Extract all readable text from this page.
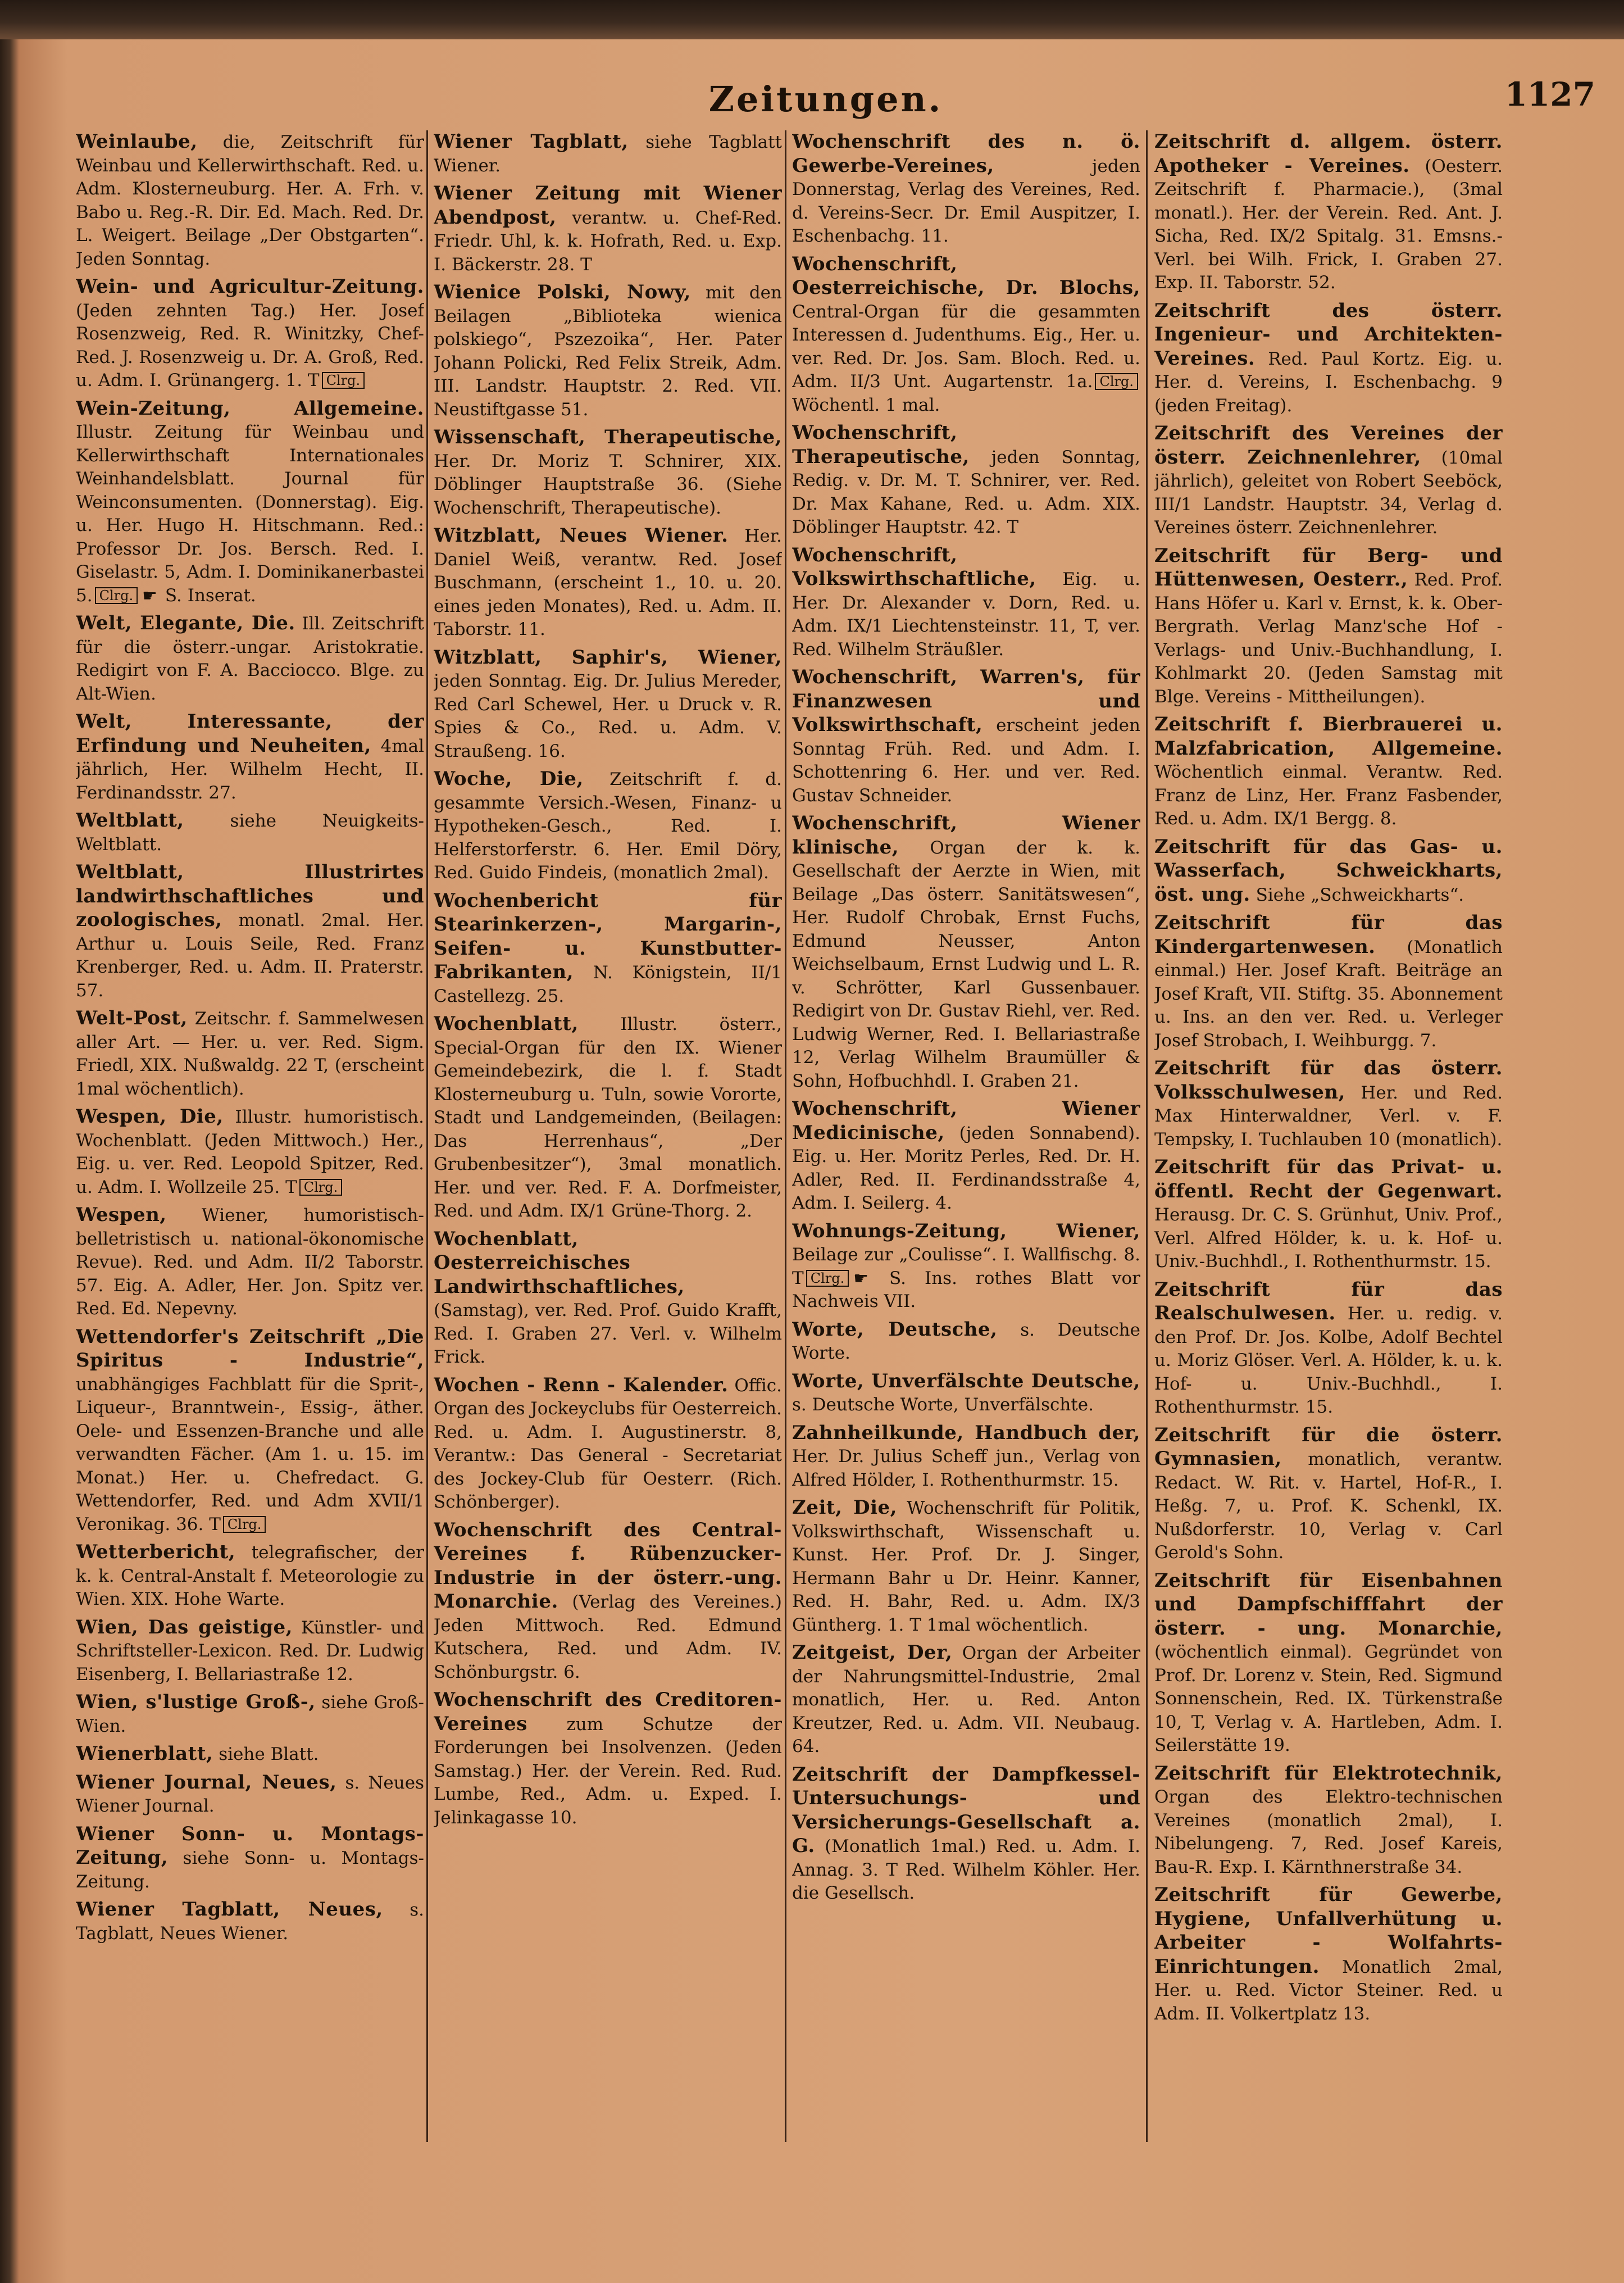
Zeitungen.	1127
Weinlaube, die, Zeitschrift für Weinbau und Kellerwirthschaft. Red. u. Adm. Klosterneuburg. Her. A. Frh. v. Babo u. Reg.-R. Dir. Ed. Mach. Red. Dr. L. Weigert. Beilage „Der Obstgarten“. Jeden Sonntag.
Wein- und Agricultur-Zeitung. (Jeden zehnten Tag.) Her. Josef Rosenzweig, Red. R. Winitzky, Chef-Red. J. Rosenzweig u. Dr. A. Groß, Red. u. Adm. I. Grünangerg. 1. T Clrg.
Wein-Zeitung, Allgemeine. Illustr. Zeitung für Weinbau und Kellerwirthschaft Internationales Weinhandelsblatt. Journal für Weinconsumenten. (Donnerstag). Eig. u. Her. Hugo H. Hitschmann. Red.: Professor Dr. Jos. Bersch. Red. I. Giselastr. 5, Adm. I. Dominikanerbastei 5. Clrg. ☛ S. Inserat.
Welt, Elegante, Die. Ill. Zeitschrift für die österr.-ungar. Aristokratie. Redigirt von F. A. Bacciocco. Blge. zu Alt-Wien.
Welt, Interessante, der Erfindung und Neuheiten, 4mal jährlich, Her. Wilhelm Hecht, II. Ferdinandsstr. 27.
Weltblatt, siehe Neuigkeits-Weltblatt.
Weltblatt, Illustrirtes landwirthschaftliches und zoologisches, monatl. 2mal. Her. Arthur u. Louis Seile, Red. Franz Krenberger, Red. u. Adm. II. Praterstr. 57.
Welt-Post, Zeitschr. f. Sammelwesen aller Art. — Her. u. ver. Red. Sigm. Friedl, XIX. Nußwaldg. 22 T, (erscheint 1mal wöchentlich).
Wespen, Die, Illustr. humoristisch. Wochenblatt. (Jeden Mittwoch.) Her., Eig. u. ver. Red. Leopold Spitzer, Red. u. Adm. I. Wollzeile 25. T Clrg.
Wespen, Wiener, humoristisch-belletristisch u. national-ökonomische Revue). Red. und Adm. II/2 Taborstr. 57. Eig. A. Adler, Her. Jon. Spitz ver. Red. Ed. Nepevny.
Wettendorfer's Zeitschrift „Die Spiritus - Industrie“, unabhängiges Fachblatt für die Sprit-, Liqueur-, Branntwein-, Essig-, äther. Oele- und Essenzen-Branche und alle verwandten Fächer. (Am 1. u. 15. im Monat.) Her. u. Chefredact. G. Wettendorfer, Red. und Adm XVII/1 Veronikag. 36. T Clrg.
Wetterbericht, telegrafischer, der k. k. Central-Anstalt f. Meteorologie zu Wien. XIX. Hohe Warte.
Wien, Das geistige, Künstler- und Schriftsteller-Lexicon. Red. Dr. Ludwig Eisenberg, I. Bellariastraße 12.
Wien, s'lustige Groß-, siehe Groß-Wien.
Wienerblatt, siehe Blatt.
Wiener Journal, Neues, s. Neues Wiener Journal.
Wiener Sonn- u. Montags-Zeitung, siehe Sonn- u. Montags-Zeitung.
Wiener Tagblatt, Neues, s. Tagblatt, Neues Wiener.
Wiener Tagblatt, siehe Tagblatt Wiener.
Wiener Zeitung mit Wiener Abendpost, verantw. u. Chef-Red. Friedr. Uhl, k. k. Hofrath, Red. u. Exp. I. Bäckerstr. 28. T
Wienice Polski, Nowy, mit den Beilagen „Biblioteka wienica polskiego“, Pszezoika“, Her. Pater Johann Policki, Red Felix Streik, Adm. III. Landstr. Hauptstr. 2. Red. VII. Neustiftgasse 51.
Wissenschaft, Therapeutische, Her. Dr. Moriz T. Schnirer, XIX. Döblinger Hauptstraße 36. (Siehe Wochenschrift, Therapeutische).
Witzblatt, Neues Wiener. Her. Daniel Weiß, verantw. Red. Josef Buschmann, (erscheint 1., 10. u. 20. eines jeden Monates), Red. u. Adm. II. Taborstr. 11.
Witzblatt, Saphir's, Wiener, jeden Sonntag. Eig. Dr. Julius Mereder, Red Carl Schewel, Her. u Druck v. R. Spies & Co., Red. u. Adm. V. Straußeng. 16.
Woche, Die, Zeitschrift f. d. gesammte Versich.-Wesen, Finanz- u Hypotheken-Gesch., Red. I. Helferstorferstr. 6. Her. Emil Döry, Red. Guido Findeis, (monatlich 2mal).
Wochenbericht für Stearinkerzen-, Margarin-, Seifen- u. Kunstbutter-Fabrikanten, N. Königstein, II/1 Castellezg. 25.
Wochenblatt, Illustr. österr., Special-Organ für den IX. Wiener Gemeindebezirk, die l. f. Stadt Klosterneuburg u. Tuln, sowie Vororte, Stadt und Landgemeinden, (Beilagen: Das Herrenhaus“, „Der Grubenbesitzer“), 3mal monatlich. Her. und ver. Red. F. A. Dorfmeister, Red. und Adm. IX/1 Grüne-Thorg. 2.
Wochenblatt, Oesterreichisches Landwirthschaftliches, (Samstag), ver. Red. Prof. Guido Krafft, Red. I. Graben 27. Verl. v. Wilhelm Frick.
Wochen - Renn - Kalender. Offic. Organ des Jockeyclubs für Oesterreich. Red. u. Adm. I. Augustinerstr. 8, Verantw.: Das General - Secretariat des Jockey-Club für Oesterr. (Rich. Schönberger).
Wochenschrift des Central-Vereines f. Rübenzucker-Industrie in der österr.-ung. Monarchie. (Verlag des Vereines.) Jeden Mittwoch. Red. Edmund Kutschera, Red. und Adm. IV. Schönburgstr. 6.
Wochenschrift des Creditoren-Vereines zum Schutze der Forderungen bei Insolvenzen. (Jeden Samstag.) Her. der Verein. Red. Rud. Lumbe, Red., Adm. u. Exped. I. Jelinkagasse 10.
Wochenschrift des n. ö. Gewerbe-Vereines, jeden Donnerstag, Verlag des Vereines, Red. d. Vereins-Secr. Dr. Emil Auspitzer, I. Eschenbachg. 11.
Wochenschrift, Oesterreichische, Dr. Blochs, Central-Organ für die gesammten Interessen d. Judenthums. Eig., Her. u. ver. Red. Dr. Jos. Sam. Bloch. Red. u. Adm. II/3 Unt. Augartenstr. 1a. Clrg. Wöchentl. 1 mal.
Wochenschrift, Therapeutische, jeden Sonntag, Redig. v. Dr. M. T. Schnirer, ver. Red. Dr. Max Kahane, Red. u. Adm. XIX. Döblinger Hauptstr. 42. T
Wochenschrift, Volkswirthschaftliche, Eig. u. Her. Dr. Alexander v. Dorn, Red. u. Adm. IX/1 Liechtensteinstr. 11, T, ver. Red. Wilhelm Sträußler.
Wochenschrift, Warren's, für Finanzwesen und Volkswirthschaft, erscheint jeden Sonntag Früh. Red. und Adm. I. Schottenring 6. Her. und ver. Red. Gustav Schneider.
Wochenschrift, Wiener klinische, Organ der k. k. Gesellschaft der Aerzte in Wien, mit Beilage „Das österr. Sanitätswesen“, Her. Rudolf Chrobak, Ernst Fuchs, Edmund Neusser, Anton Weichselbaum, Ernst Ludwig und L. R. v. Schrötter, Karl Gussenbauer. Redigirt von Dr. Gustav Riehl, ver. Red. Ludwig Werner, Red. I. Bellariastraße 12, Verlag Wilhelm Braumüller & Sohn, Hofbuchhdl. I. Graben 21.
Wochenschrift, Wiener Medicinische, (jeden Sonnabend). Eig. u. Her. Moritz Perles, Red. Dr. H. Adler, Red. II. Ferdinandsstraße 4, Adm. I. Seilerg. 4.
Wohnungs-Zeitung, Wiener, Beilage zur „Coulisse“. I. Wallfischg. 8. T Clrg. ☛ S. Ins. rothes Blatt vor Nachweis VII.
Worte, Deutsche, s. Deutsche Worte.
Worte, Unverfälschte Deutsche, s. Deutsche Worte, Unverfälschte.
Zahnheilkunde, Handbuch der, Her. Dr. Julius Scheff jun., Verlag von Alfred Hölder, I. Rothenthurmstr. 15.
Zeit, Die, Wochenschrift für Politik, Volkswirthschaft, Wissenschaft u. Kunst. Her. Prof. Dr. J. Singer, Hermann Bahr u Dr. Heinr. Kanner, Red. H. Bahr, Red. u. Adm. IX/3 Güntherg. 1. T 1mal wöchentlich.
Zeitgeist, Der, Organ der Arbeiter der Nahrungsmittel-Industrie, 2mal monatlich, Her. u. Red. Anton Kreutzer, Red. u. Adm. VII. Neubaug. 64.
Zeitschrift der Dampfkessel-Untersuchungs- und Versicherungs-Gesellschaft a. G. (Monatlich 1mal.) Red. u. Adm. I. Annag. 3. T Red. Wilhelm Köhler. Her. die Gesellsch.
Zeitschrift d. allgem. österr. Apotheker - Vereines. (Oesterr. Zeitschrift f. Pharmacie.), (3mal monatl.). Her. der Verein. Red. Ant. J. Sicha, Red. IX/2 Spitalg. 31. Emsns.-Verl. bei Wilh. Frick, I. Graben 27. Exp. II. Taborstr. 52.
Zeitschrift des österr. Ingenieur- und Architekten-Vereines. Red. Paul Kortz. Eig. u. Her. d. Vereins, I. Eschenbachg. 9 (jeden Freitag).
Zeitschrift des Vereines der österr. Zeichnenlehrer, (10mal jährlich), geleitet von Robert Seeböck, III/1 Landstr. Hauptstr. 34, Verlag d. Vereines österr. Zeichnenlehrer.
Zeitschrift für Berg- und Hüttenwesen, Oesterr., Red. Prof. Hans Höfer u. Karl v. Ernst, k. k. Ober-Bergrath. Verlag Manz'sche Hof - Verlags- und Univ.-Buchhandlung, I. Kohlmarkt 20. (Jeden Samstag mit Blge. Vereins - Mittheilungen).
Zeitschrift f. Bierbrauerei u. Malzfabrication, Allgemeine. Wöchentlich einmal. Verantw. Red. Franz de Linz, Her. Franz Fasbender, Red. u. Adm. IX/1 Bergg. 8.
Zeitschrift für das Gas- u. Wasserfach, Schweickharts, öst. ung. Siehe „Schweickharts“.
Zeitschrift für das Kindergartenwesen. (Monatlich einmal.) Her. Josef Kraft. Beiträge an Josef Kraft, VII. Stiftg. 35. Abonnement u. Ins. an den ver. Red. u. Verleger Josef Strobach, I. Weihburgg. 7.
Zeitschrift für das österr. Volksschulwesen, Her. und Red. Max Hinterwaldner, Verl. v. F. Tempsky, I. Tuchlauben 10 (monatlich).
Zeitschrift für das Privat- u. öffentl. Recht der Gegenwart. Herausg. Dr. C. S. Grünhut, Univ. Prof., Verl. Alfred Hölder, k. u. k. Hof- u. Univ.-Buchhdl., I. Rothenthurmstr. 15.
Zeitschrift für das Realschulwesen. Her. u. redig. v. den Prof. Dr. Jos. Kolbe, Adolf Bechtel u. Moriz Glöser. Verl. A. Hölder, k. u. k. Hof- u. Univ.-Buchhdl., I. Rothenthurmstr. 15.
Zeitschrift für die österr. Gymnasien, monatlich, verantw. Redact. W. Rit. v. Hartel, Hof-R., I. Heßg. 7, u. Prof. K. Schenkl, IX. Nußdorferstr. 10, Verlag v. Carl Gerold's Sohn.
Zeitschrift für Eisenbahnen und Dampfschifffahrt der österr. - ung. Monarchie, (wöchentlich einmal). Gegründet von Prof. Dr. Lorenz v. Stein, Red. Sigmund Sonnenschein, Red. IX. Türkenstraße 10, T, Verlag v. A. Hartleben, Adm. I. Seilerstätte 19.
Zeitschrift für Elektrotechnik, Organ des Elektro-technischen Vereines (monatlich 2mal), I. Nibelungeng. 7, Red. Josef Kareis, Bau-R. Exp. I. Kärnthnerstraße 34.
Zeitschrift für Gewerbe, Hygiene, Unfallverhütung u. Arbeiter - Wolfahrts-Einrichtungen. Monatlich 2mal, Her. u. Red. Victor Steiner. Red. u Adm. II. Volkertplatz 13.
